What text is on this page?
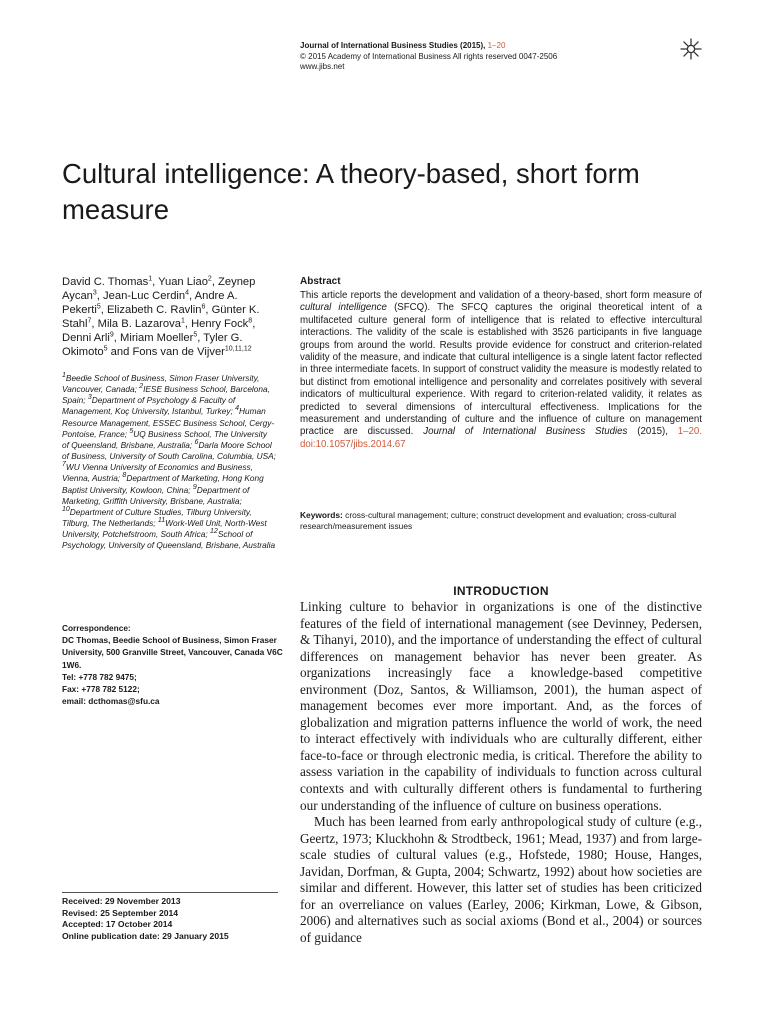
Journal of International Business Studies (2015), 1–20
© 2015 Academy of International Business All rights reserved 0047-2506
www.jibs.net
Cultural intelligence: A theory-based, short form measure
David C. Thomas$^1$, Yuan Liao$^2$, Zeynep Aycan$^3$, Jean-Luc Cerdin$^4$, Andre A. Pekerti$^5$, Elizabeth C. Ravlin$^6$, Günter K. Stahl$^7$, Mila B. Lazarova$^1$, Henry Fock$^8$, Denni Arli$^9$, Miriam Moeller$^5$, Tyler G. Okimoto$^5$ and Fons van de Vijver$^{10,11,12}$
$^1$Beedie School of Business, Simon Fraser University, Vancouver, Canada; $^2$IESE Business School, Barcelona, Spain; $^3$Department of Psychology & Faculty of Management, Koç University, Istanbul, Turkey; $^4$Human Resource Management, ESSEC Business School, Cergy-Pontoise, France; $^5$UQ Business School, The University of Queensland, Brisbane, Australia; $^6$Darla Moore School of Business, University of South Carolina, Columbia, USA; $^7$WU Vienna University of Economics and Business, Vienna, Austria; $^8$Department of Marketing, Hong Kong Baptist University, Kowloon, China; $^9$Department of Marketing, Griffith University, Brisbane, Australia; $^{10}$Department of Culture Studies, Tilburg University, Tilburg, The Netherlands; $^{11}$Work-Well Unit, North-West University, Potchefstroom, South Africa; $^{12}$School of Psychology, University of Queensland, Brisbane, Australia
Correspondence:
DC Thomas, Beedie School of Business, Simon Fraser University, 500 Granville Street, Vancouver, Canada V6C 1W6.
Tel: +778 782 9475;
Fax: +778 782 5122;
email: dcthomas@sfu.ca
Received: 29 November 2013
Revised: 25 September 2014
Accepted: 17 October 2014
Online publication date: 29 January 2015
Abstract
This article reports the development and validation of a theory-based, short form measure of cultural intelligence (SFCQ). The SFCQ captures the original theoretical intent of a multifaceted culture general form of intelligence that is related to effective intercultural interactions. The validity of the scale is established with 3526 participants in five language groups from around the world. Results provide evidence for construct and criterion-related validity of the measure, and indicate that cultural intelligence is a single latent factor reflected in three intermediate facets. In support of construct validity the measure is modestly related to but distinct from emotional intelligence and personality and correlates positively with several indicators of multicultural experience. With regard to criterion-related validity, it relates as predicted to several dimensions of intercultural effectiveness. Implications for the measurement and understanding of culture and the influence of culture on management practice are discussed. Journal of International Business Studies (2015), 1–20. doi:10.1057/jibs.2014.67
Keywords: cross-cultural management; culture; construct development and evaluation; cross-cultural research/measurement issues
INTRODUCTION

Linking culture to behavior in organizations is one of the distinctive features of the field of international management (see Devinney, Pedersen, & Tihanyi, 2010), and the importance of understanding the effect of cultural differences on management behavior has never been greater. As organizations increasingly face a knowledge-based competitive environment (Doz, Santos, & Williamson, 2001), the human aspect of management becomes ever more important. And, as the forces of globalization and migration patterns influence the world of work, the need to interact effectively with individuals who are culturally different, either face-to-face or through electronic media, is critical. Therefore the ability to assess variation in the capability of individuals to function across cultural contexts and with culturally different others is fundamental to furthering our understanding of the influence of culture on business operations.

Much has been learned from early anthropological study of culture (e.g., Geertz, 1973; Kluckhohn & Strodtbeck, 1961; Mead, 1937) and from large-scale studies of cultural values (e.g., Hofstede, 1980; House, Hanges, Javidan, Dorfman, & Gupta, 2004; Schwartz, 1992) about how societies are similar and different. However, this latter set of studies has been criticized for an overreliance on values (Earley, 2006; Kirkman, Lowe, & Gibson, 2006) and alternatives such as social axioms (Bond et al., 2004) or sources of guidance
